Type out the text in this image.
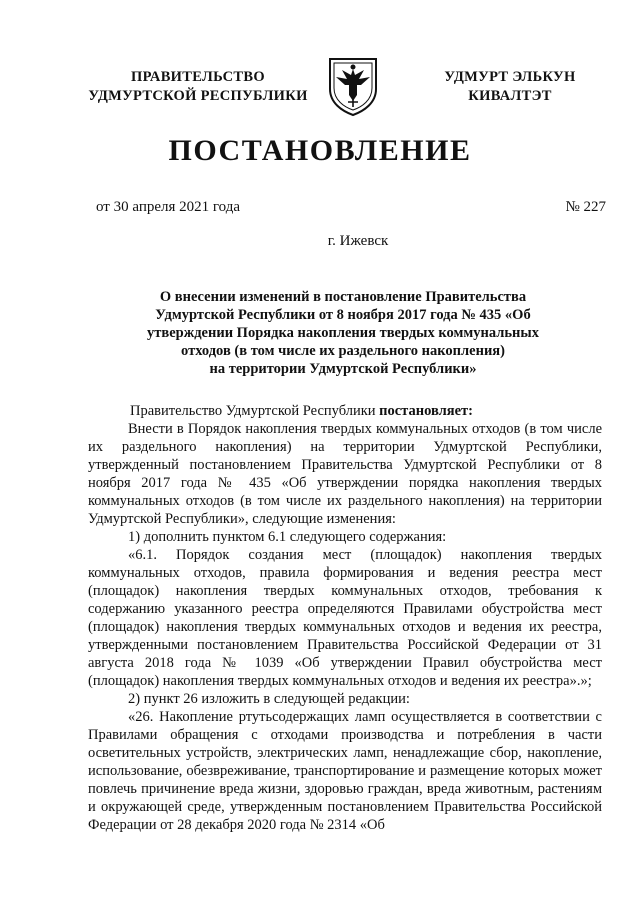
ПРАВИТЕЛЬСТВО
УДМУРТСКОЙ РЕСПУБЛИКИ
УДМУРТ ЭЛЬКУН
КИВАЛТЭТ
ПОСТАНОВЛЕНИЕ
от 30 апреля 2021 года	№ 227
г. Ижевск
О внесении изменений в постановление Правительства
Удмуртской Республики от 8 ноября 2017 года № 435 «Об
утверждении Порядка накопления твердых коммунальных
отходов (в том числе их раздельного накопления)
на территории Удмуртской Республики»

Правительство Удмуртской Республики постановляет:

Внести в Порядок накопления твердых коммунальных отходов (в том числе их раздельного накопления) на территории Удмуртской Республики, утвержденный постановлением Правительства Удмуртской Республики от 8 ноября 2017 года № 435 «Об утверждении порядка накопления твердых коммунальных отходов (в том числе их раздельного накопления) на территории Удмуртской Республики», следующие изменения:

1) дополнить пунктом 6.1 следующего содержания:

«6.1. Порядок создания мест (площадок) накопления твердых коммунальных отходов, правила формирования и ведения реестра мест (площадок) накопления твердых коммунальных отходов, требования к содержанию указанного реестра определяются Правилами обустройства мест (площадок) накопления твердых коммунальных отходов и ведения их реестра, утвержденными постановлением Правительства Российской Федерации от 31 августа 2018 года № 1039 «Об утверждении Правил обустройства мест (площадок) накопления твердых коммунальных отходов и ведения их реестра».»;

2) пункт 26 изложить в следующей редакции:

«26. Накопление ртутьсодержащих ламп осуществляется в соответствии с Правилами обращения с отходами производства и потребления в части осветительных устройств, электрических ламп, ненадлежащие сбор, накопление, использование, обезвреживание, транспортирование и размещение которых может повлечь причинение вреда жизни, здоровью граждан, вреда животным, растениям и окружающей среде, утвержденным постановлением Правительства Российской Федерации от 28 декабря 2020 года № 2314 «Об
